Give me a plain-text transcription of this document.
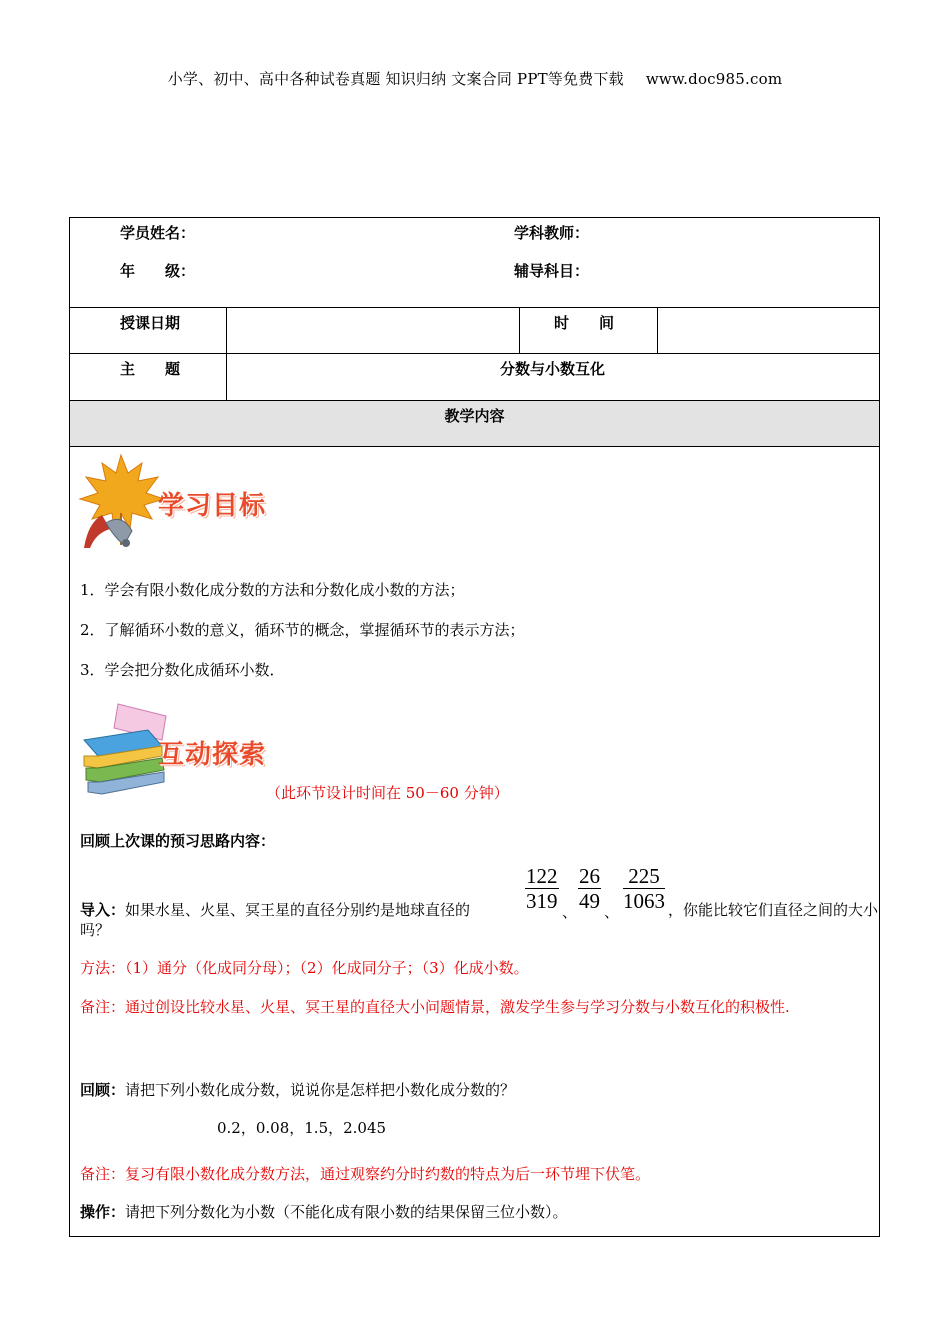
小学、初中、高中各种试卷真题 知识归纳 文案合同 PPT等免费下载 www.doc985.com
学员姓名：	学科教师：
年　　级：	辅导科目：
授课日期	时　　间
主　　题	分数与小数互化
教学内容
学习目标
1．学会有限小数化成分数的方法和分数化成小数的方法；
2．了解循环小数的意义，循环节的概念，掌握循环节的表示方法；
3．学会把分数化成循环小数．
互动探索
（此环节设计时间在 50－60 分钟）
回顾上次课的预习思路内容：
导入：如果水星、火星、冥王星的直径分别约是地球直径的	$\frac{122}{319}$ 、 $\frac{26}{49}$ 、 $\frac{225}{1063}$ ，你能比较它们直径之间的大小
吗？
方法：（1）通分（化成同分母）；（2）化成同分子；（3）化成小数。
备注：通过创设比较水星、火星、冥王星的直径大小问题情景，激发学生参与学习分数与小数互化的积极性.
回顾：请把下列小数化成分数，说说你是怎样把小数化成分数的？
0.2，0.08，1.5，2.045
备注：复习有限小数化成分数方法，通过观察约分时约数的特点为后一环节埋下伏笔。
操作：请把下列分数化为小数（不能化成有限小数的结果保留三位小数）。
